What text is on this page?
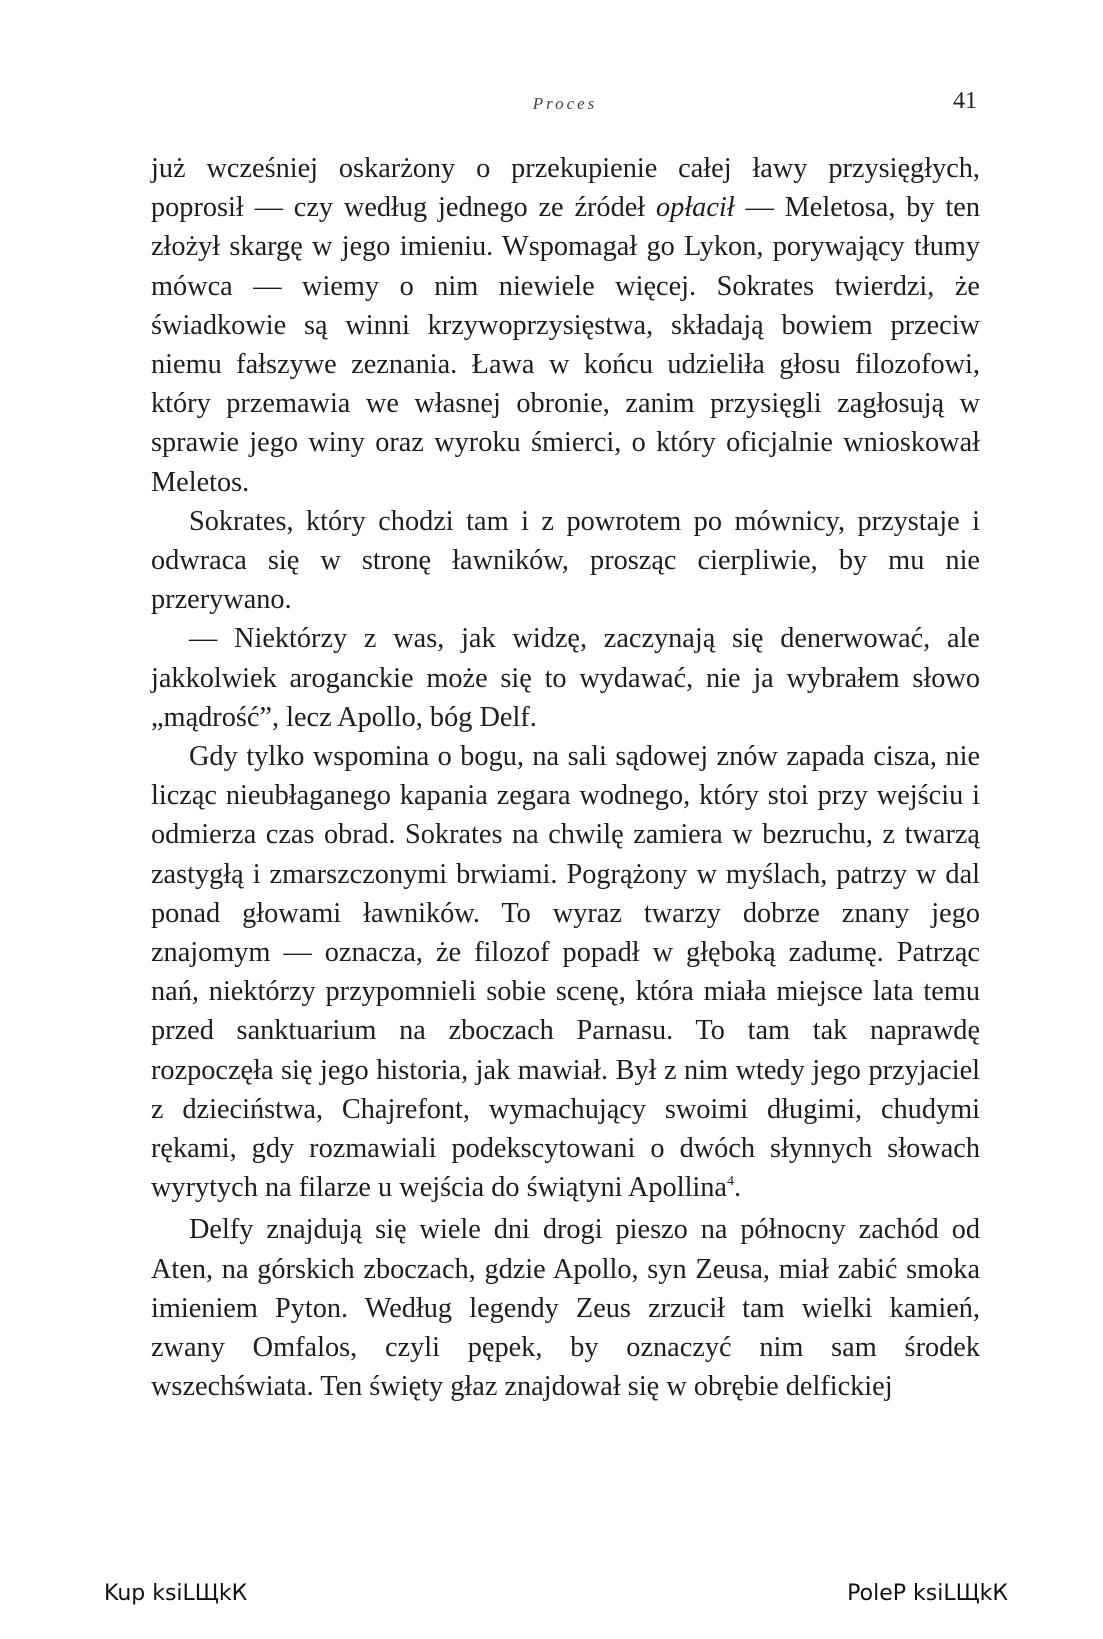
Proces	41

już wcześniej oskarżony o przekupienie całej ławy przysięgłych, poprosił — czy według jednego ze źródeł opłacił — Meletosa, by ten złożył skargę w jego imieniu. Wspomagał go Lykon, porywający tłumy mówca — wiemy o nim niewiele więcej. Sokrates twierdzi, że świadkowie są winni krzywoprzysięstwa, składają bowiem przeciw niemu fałszywe zeznania. Ława w końcu udzieliła głosu filozofowi, który przemawia we własnej obronie, zanim przysięgli zagłosują w sprawie jego winy oraz wyroku śmierci, o który oficjalnie wnioskował Meletos.

Sokrates, który chodzi tam i z powrotem po mównicy, przystaje i odwraca się w stronę ławników, prosząc cierpliwie, by mu nie przerywano.

— Niektórzy z was, jak widzę, zaczynają się denerwować, ale jakkolwiek aroganckie może się to wydawać, nie ja wybrałem słowo „mądrość”, lecz Apollo, bóg Delf.

Gdy tylko wspomina o bogu, na sali sądowej znów zapada cisza, nie licząc nieubłaganego kapania zegara wodnego, który stoi przy wejściu i odmierza czas obrad. Sokrates na chwilę zamiera w bezruchu, z twarzą zastygłą i zmarszczonymi brwiami. Pogrążony w myślach, patrzy w dal ponad głowami ławników. To wyraz twarzy dobrze znany jego znajomym — oznacza, że filozof popadł w głęboką zadumę. Patrząc nań, niektórzy przypomnieli sobie scenę, która miała miejsce lata temu przed sanktuarium na zboczach Parnasu. To tam tak naprawdę rozpoczęła się jego historia, jak mawiał. Był z nim wtedy jego przyjaciel z dzieciństwa, Chajrefont, wymachujący swoimi długimi, chudymi rękami, gdy rozmawiali podekscytowani o dwóch słynnych słowach wyrytych na filarze u wejścia do świątyni Apollina$^4$.

Delfy znajdują się wiele dni drogi pieszo na północny zachód od Aten, na górskich zboczach, gdzie Apollo, syn Zeusa, miał zabić smoka imieniem Pyton. Według legendy Zeus zrzucił tam wielki kamień, zwany Omfalos, czyli pępek, by oznaczyć nim sam środek wszechświata. Ten święty głaz znajdował się w obrębie delfickiej

Kup ksiLЩkК	PoleP ksiLЩkК
